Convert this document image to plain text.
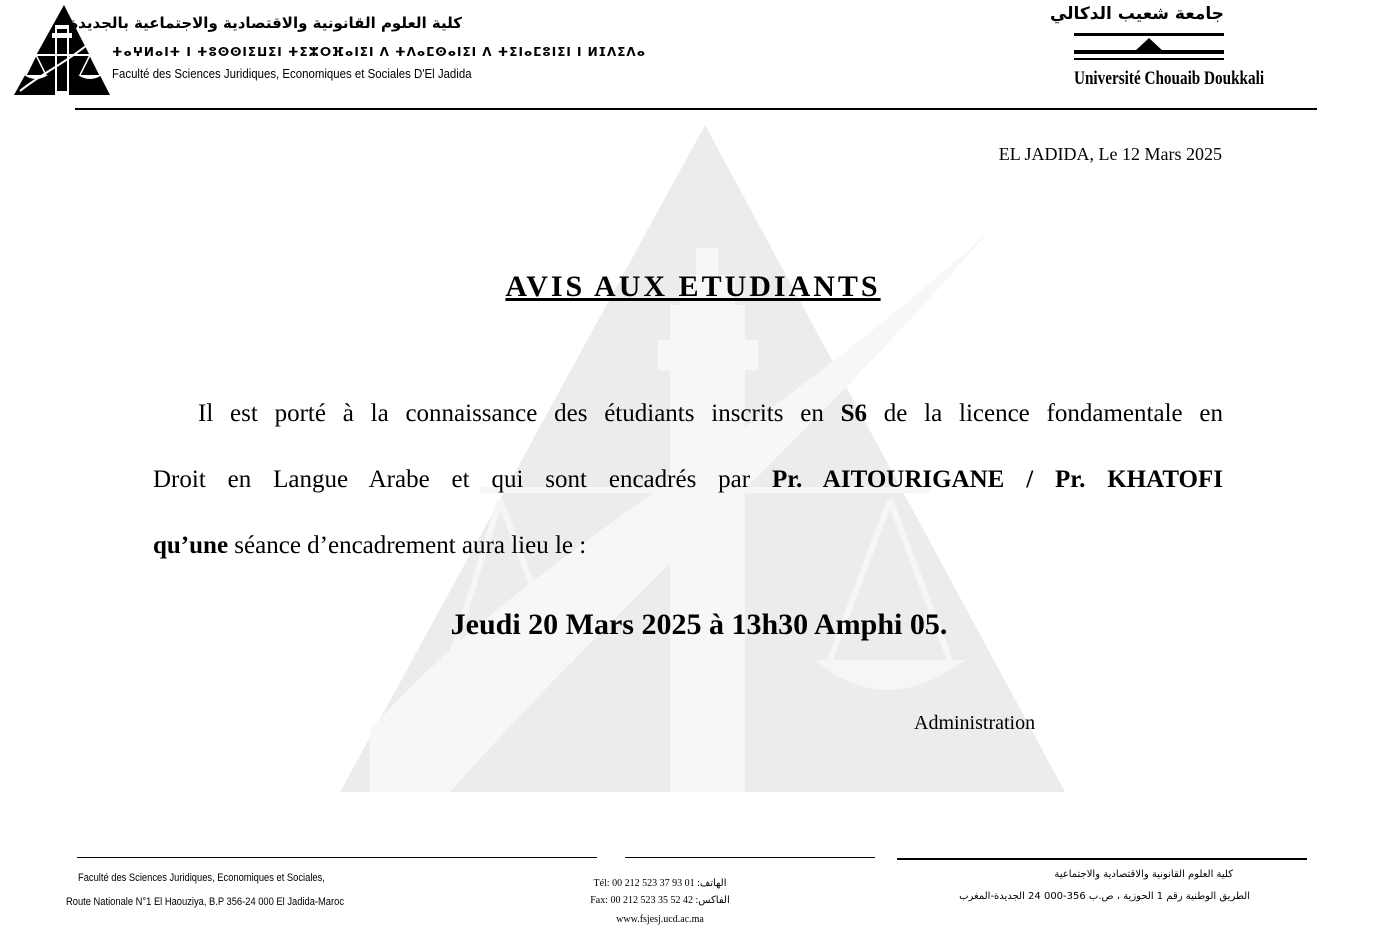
كلية العلوم القانونية والاقتصادية والاجتماعية بالجديدة
ⵜⴰⵖⵍⴰⵏⵜ ⵏ ⵜⵓⵙⵙⵏⵉⵡⵉⵏ ⵜⵉⵣⵔⴼⴰⵏⵉⵏ ⴷ ⵜⴷⴰⵎⵙⴰⵏⵉⵏ ⴷ ⵜⵉⵏⴰⵎⵓⵏⵉⵏ ⵏ ⵍⵊⴷⵉⴷⴰ
Faculté des Sciences Juridiques, Economiques et Sociales D'El Jadida
جامعة شعيب الدكالي
Université Chouaib Doukkali
EL JADIDA, Le 12 Mars 2025
AVIS AUX ETUDIANTS
Il est porté à la connaissance des étudiants inscrits en S6 de la licence fondamentale en
Droit en Langue Arabe et qui sont encadrés par Pr. AITOURIGANE / Pr. KHATOFI
qu’une séance d’encadrement aura lieu le :
Jeudi 20 Mars 2025 à 13h30 Amphi 05.
Administration
Faculté des Sciences Juridiques, Economiques et Sociales,
Route Nationale N°1 El Haouziya, B.P 356-24 000 El Jadida-Maroc
Tél: 00 212 523 37 93 01 :الهاتف
Fax: 00 212 523 35 52 42 :الفاكس
www.fsjesj.ucd.ac.ma
كلية العلوم القانونية والاقتصادية والاجتماعية
الطريق الوطنية رقم 1 الحوزية ، ص.ب 356-000 24 الجديدة-المغرب
